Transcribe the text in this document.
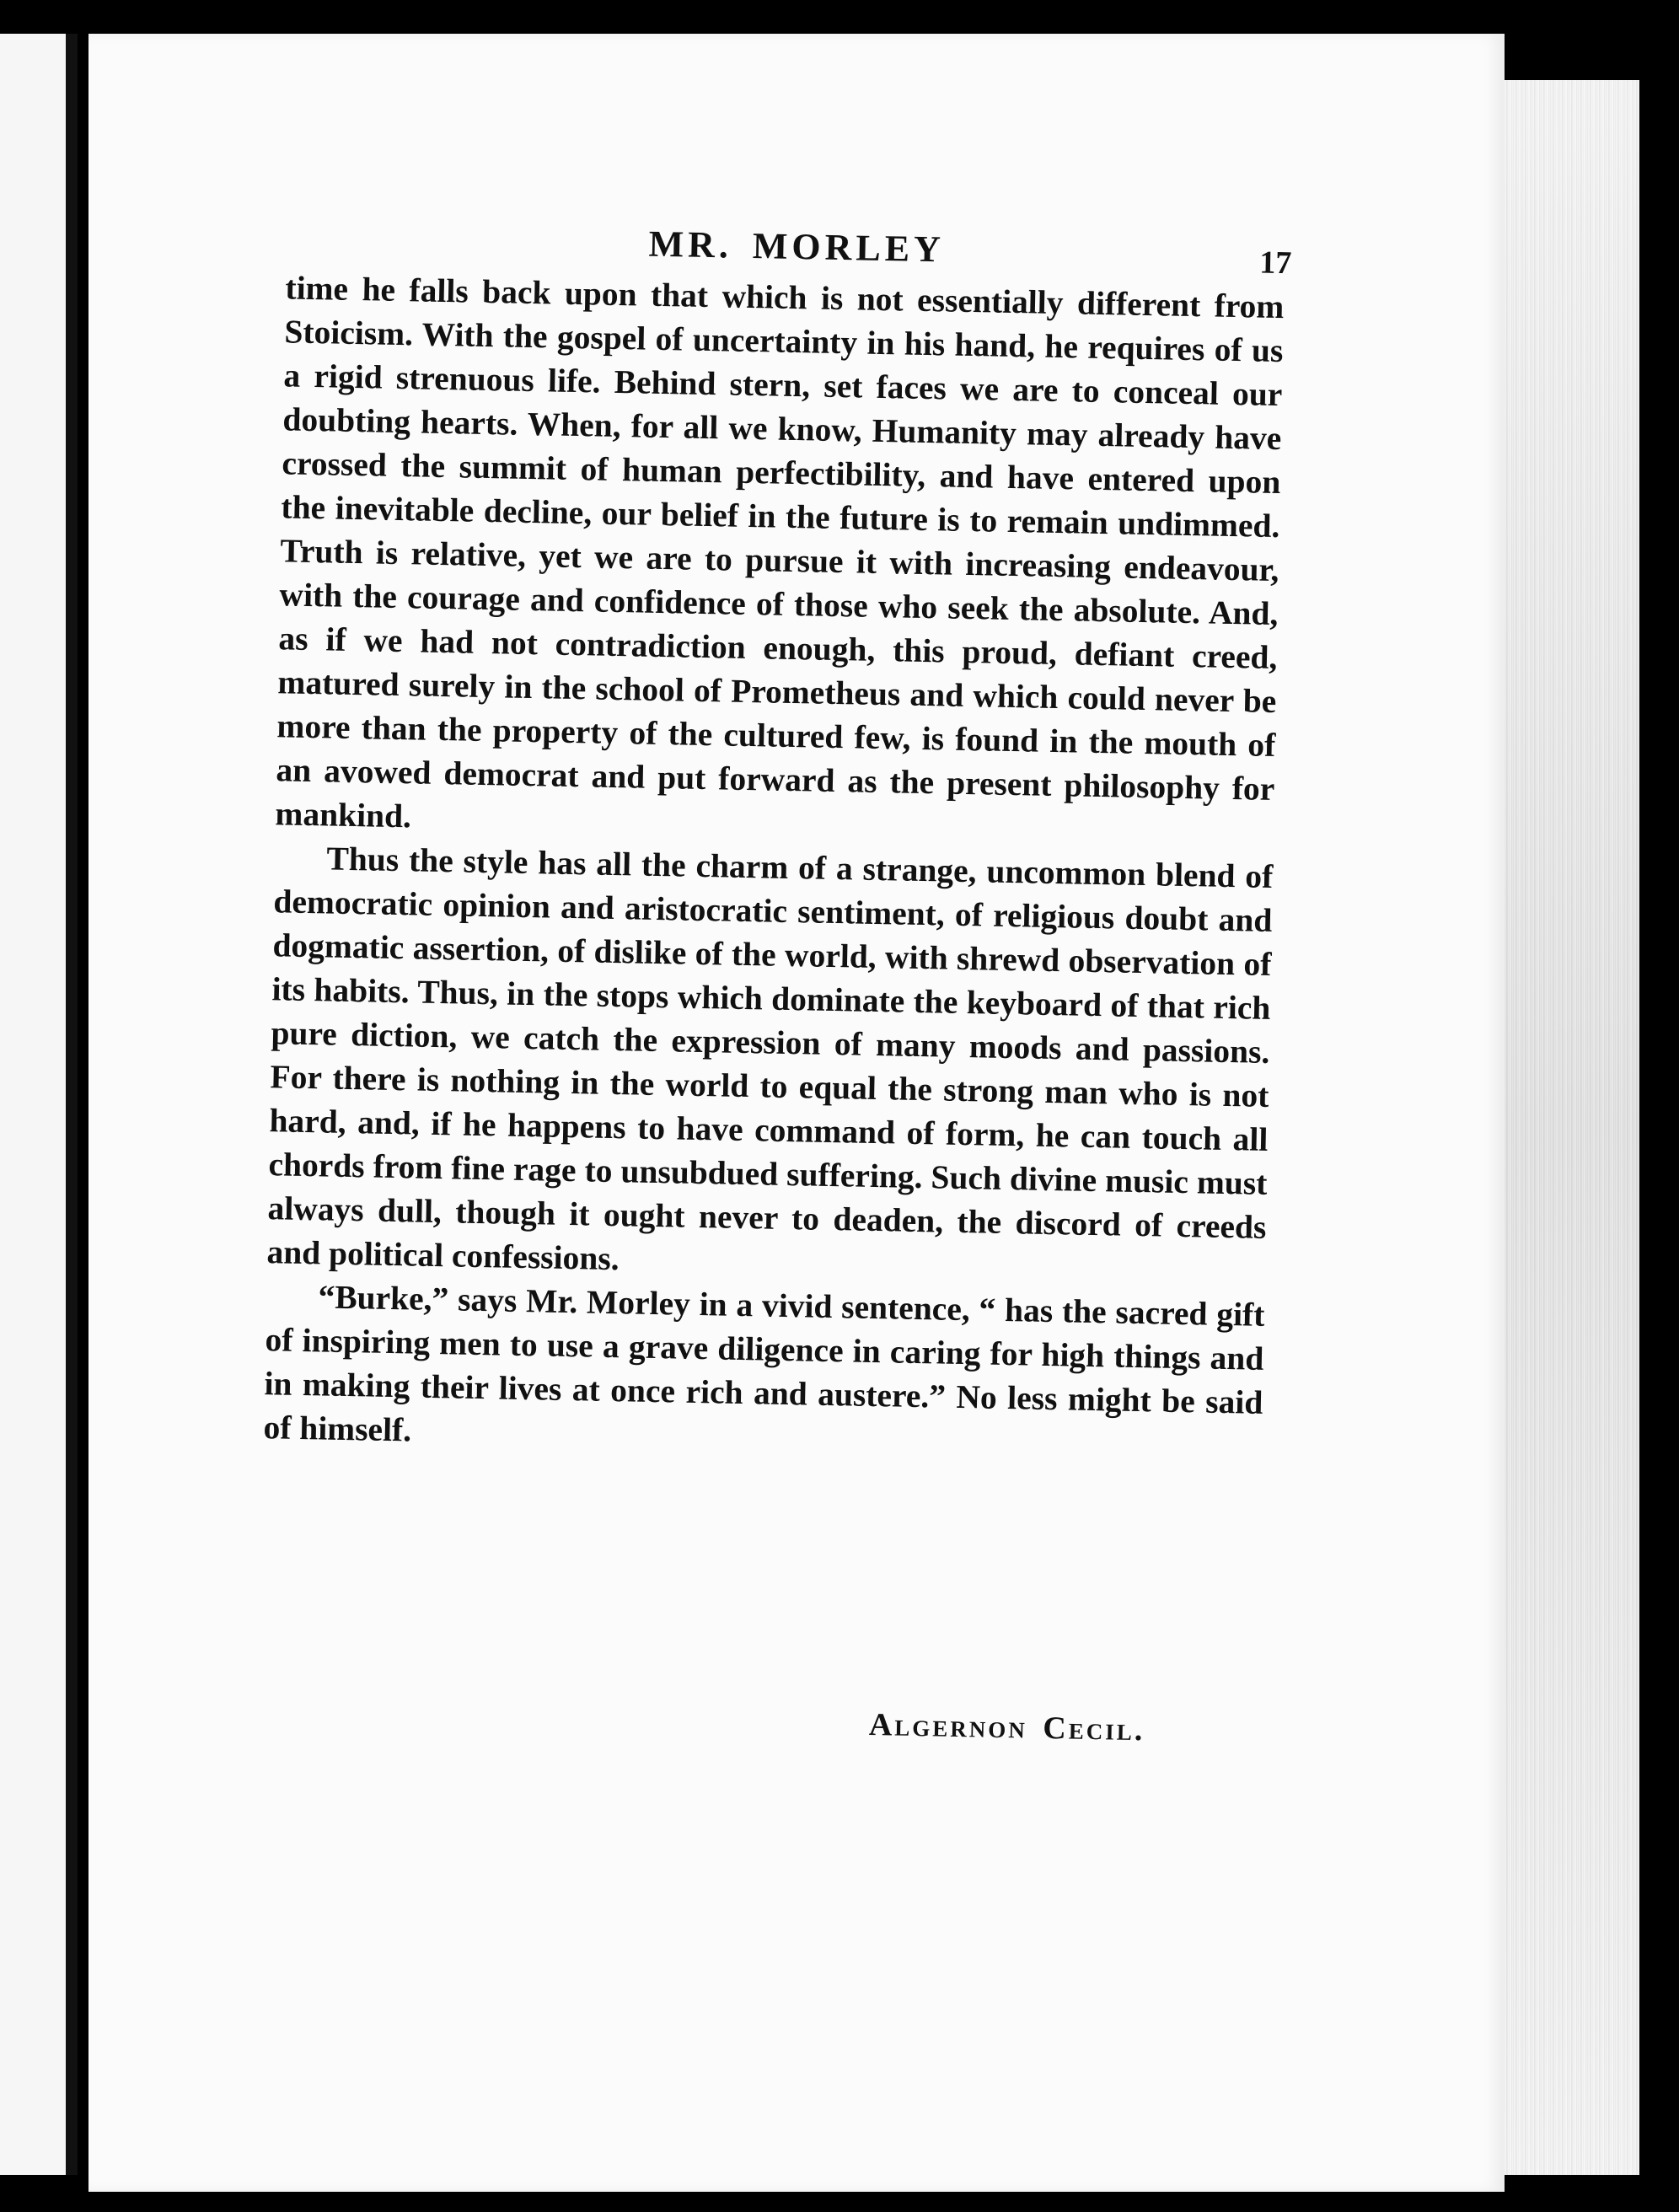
MR. MORLEY	17

time he falls back upon that which is not essentially different from Stoicism. With the gospel of uncertainty in his hand, he requires of us a rigid strenuous life. Behind stern, set faces we are to conceal our doubting hearts. When, for all we know, Humanity may already have crossed the summit of human perfectibility, and have entered upon the inevitable decline, our belief in the future is to remain undimmed. Truth is relative, yet we are to pursue it with increasing endeavour, with the courage and confidence of those who seek the absolute. And, as if we had not contradiction enough, this proud, defiant creed, matured surely in the school of Prometheus and which could never be more than the property of the cultured few, is found in the mouth of an avowed democrat and put forward as the present philosophy for mankind.

Thus the style has all the charm of a strange, uncommon blend of democratic opinion and aristocratic sentiment, of religious doubt and dogmatic assertion, of dislike of the world, with shrewd observation of its habits. Thus, in the stops which dominate the keyboard of that rich pure diction, we catch the expression of many moods and passions. For there is nothing in the world to equal the strong man who is not hard, and, if he happens to have command of form, he can touch all chords from fine rage to unsubdued suffering. Such divine music must always dull, though it ought never to deaden, the discord of creeds and political confessions.

“Burke,” says Mr. Morley in a vivid sentence, “ has the sacred gift of inspiring men to use a grave diligence in caring for high things and in making their lives at once rich and austere.” No less might be said of himself.

Algernon Cecil.
